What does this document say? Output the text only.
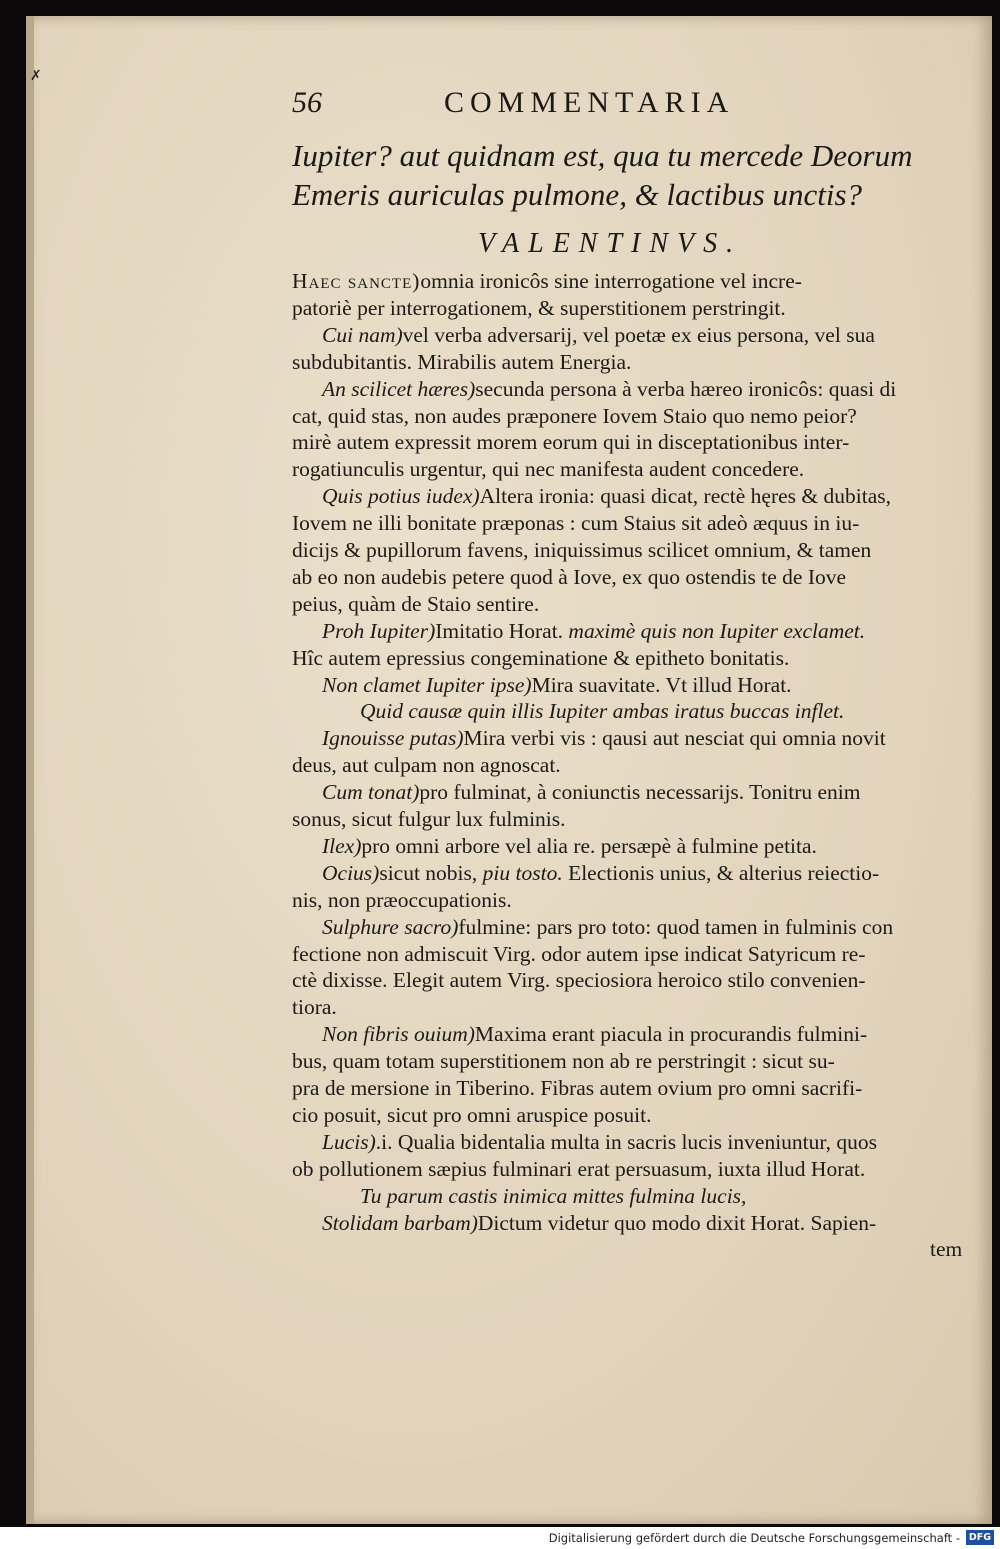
✗
56	COMMENTARIA
Iupiter? aut quidnam est, qua tu mercede Deorum
Emeris auriculas pulmone, & lactibus unctis?
VALENTINVS.
Haec sancte)omnia ironicôs sine interrogatione vel incre-
patoriè per interrogationem, & superstitionem perstringit.
Cui nam)vel verba adversarij, vel poetæ ex eius persona, vel sua
subdubitantis. Mirabilis autem Energia.
An scilicet hæres)secunda persona à verba hæreo ironicôs: quasi di
cat, quid stas, non audes præponere Iovem Staio quo nemo peior?
mirè autem expressit morem eorum qui in disceptationibus inter-
rogatiunculis urgentur, qui nec manifesta audent concedere.
Quis potius iudex)Altera ironia: quasi dicat, rectè hęres & dubitas,
Iovem ne illi bonitate præponas : cum Staius sit adeò æquus in iu-
dicijs & pupillorum favens, iniquissimus scilicet omnium, & tamen
ab eo non audebis petere quod à Iove, ex quo ostendis te de Iove
peius, quàm de Staio sentire.
Proh Iupiter)Imitatio Horat. maximè quis non Iupiter exclamet.
Hîc autem epressius congeminatione & epitheto bonitatis.
Non clamet Iupiter ipse)Mira suavitate. Vt illud Horat.
Quid causæ quin illis Iupiter ambas iratus buccas inflet.
Ignouisse putas)Mira verbi vis : qausi aut nesciat qui omnia novit
deus, aut culpam non agnoscat.
Cum tonat)pro fulminat, à coniunctis necessarijs. Tonitru enim
sonus, sicut fulgur lux fulminis.
Ilex)pro omni arbore vel alia re. persæpè à fulmine petita.
Ocius)sicut nobis, piu tosto. Electionis unius, & alterius reiectio-
nis, non præoccupationis.
Sulphure sacro)fulmine: pars pro toto: quod tamen in fulminis con
fectione non admiscuit Virg. odor autem ipse indicat Satyricum re-
ctè dixisse. Elegit autem Virg. speciosiora heroico stilo convenien-
tiora.
Non fibris ouium)Maxima erant piacula in procurandis fulmini-
bus, quam totam superstitionem non ab re perstringit : sicut su-
pra de mersione in Tiberino. Fibras autem ovium pro omni sacrifi-
cio posuit, sicut pro omni aruspice posuit.
Lucis).i. Qualia bidentalia multa in sacris lucis inveniuntur, quos
ob pollutionem sæpius fulminari erat persuasum, iuxta illud Horat.
Tu parum castis inimica mittes fulmina lucis,
Stolidam barbam)Dictum videtur quo modo dixit Horat. Sapien-
tem
Digitalisierung gefördert durch die Deutsche Forschungsgemeinschaft - DFG
